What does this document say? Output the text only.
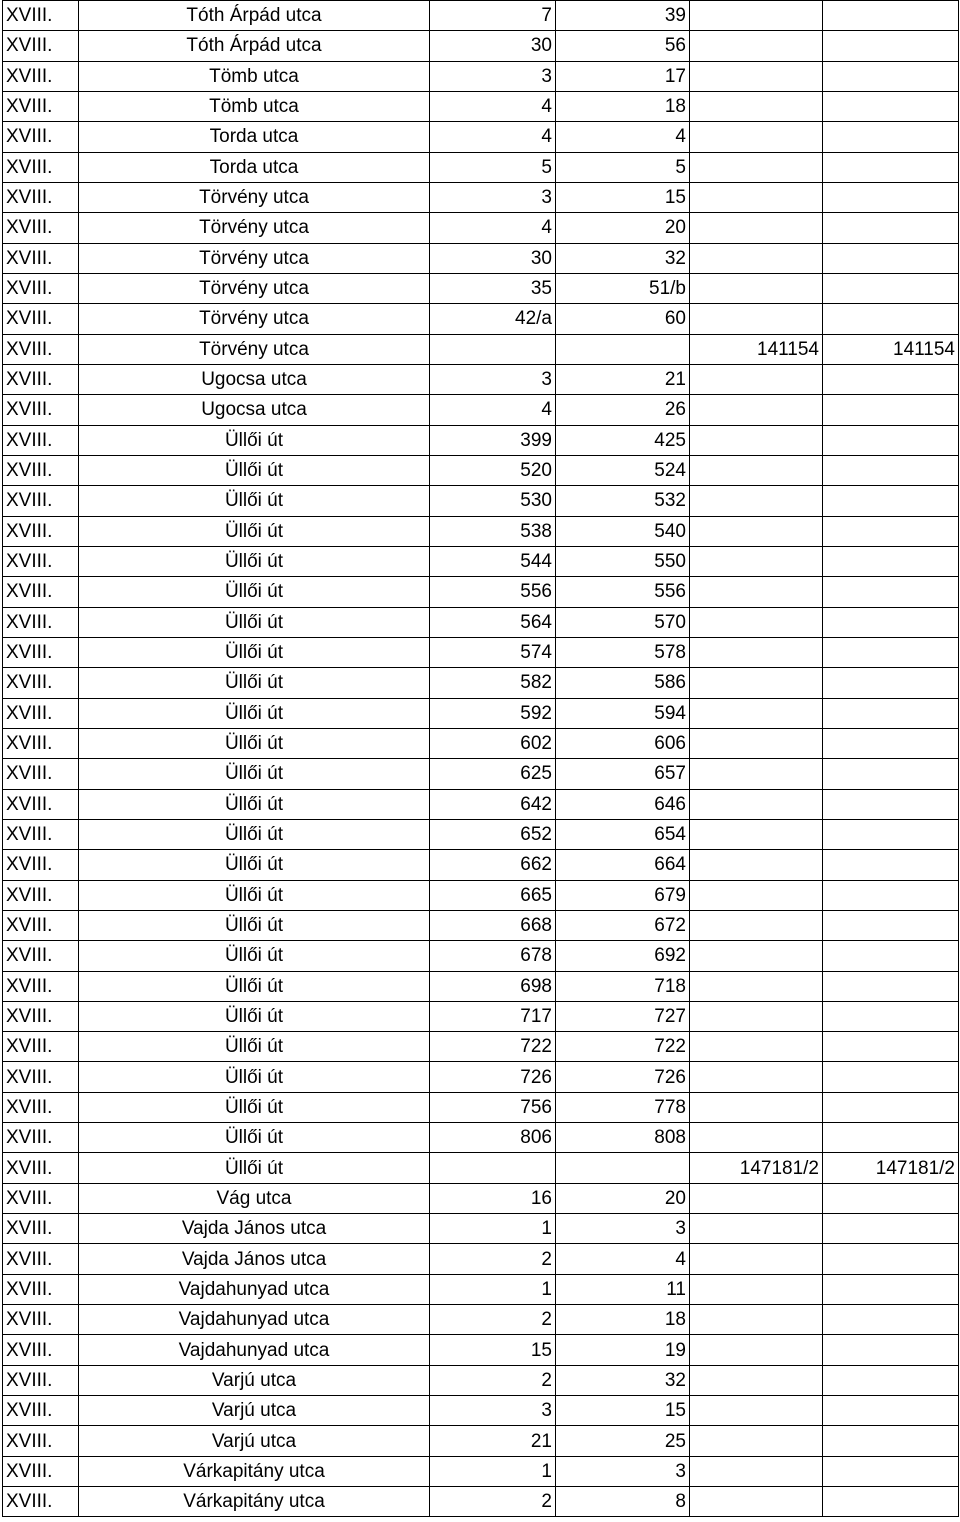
XVIII.	Tóth Árpád utca	7	39		
XVIII.	Tóth Árpád utca	30	56		
XVIII.	Tömb utca	3	17		
XVIII.	Tömb utca	4	18		
XVIII.	Torda utca	4	4		
XVIII.	Torda utca	5	5		
XVIII.	Törvény utca	3	15		
XVIII.	Törvény utca	4	20		
XVIII.	Törvény utca	30	32		
XVIII.	Törvény utca	35	51/b		
XVIII.	Törvény utca	42/a	60		
XVIII.	Törvény utca			141154	141154
XVIII.	Ugocsa utca	3	21		
XVIII.	Ugocsa utca	4	26		
XVIII.	Üllői út	399	425		
XVIII.	Üllői út	520	524		
XVIII.	Üllői út	530	532		
XVIII.	Üllői út	538	540		
XVIII.	Üllői út	544	550		
XVIII.	Üllői út	556	556		
XVIII.	Üllői út	564	570		
XVIII.	Üllői út	574	578		
XVIII.	Üllői út	582	586		
XVIII.	Üllői út	592	594		
XVIII.	Üllői út	602	606		
XVIII.	Üllői út	625	657		
XVIII.	Üllői út	642	646		
XVIII.	Üllői út	652	654		
XVIII.	Üllői út	662	664		
XVIII.	Üllői út	665	679		
XVIII.	Üllői út	668	672		
XVIII.	Üllői út	678	692		
XVIII.	Üllői út	698	718		
XVIII.	Üllői út	717	727		
XVIII.	Üllői út	722	722		
XVIII.	Üllői út	726	726		
XVIII.	Üllői út	756	778		
XVIII.	Üllői út	806	808		
XVIII.	Üllői út			147181/2	147181/2
XVIII.	Vág utca	16	20		
XVIII.	Vajda János utca	1	3		
XVIII.	Vajda János utca	2	4		
XVIII.	Vajdahunyad utca	1	11		
XVIII.	Vajdahunyad utca	2	18		
XVIII.	Vajdahunyad utca	15	19		
XVIII.	Varjú utca	2	32		
XVIII.	Varjú utca	3	15		
XVIII.	Varjú utca	21	25		
XVIII.	Várkapitány utca	1	3		
XVIII.	Várkapitány utca	2	8		
